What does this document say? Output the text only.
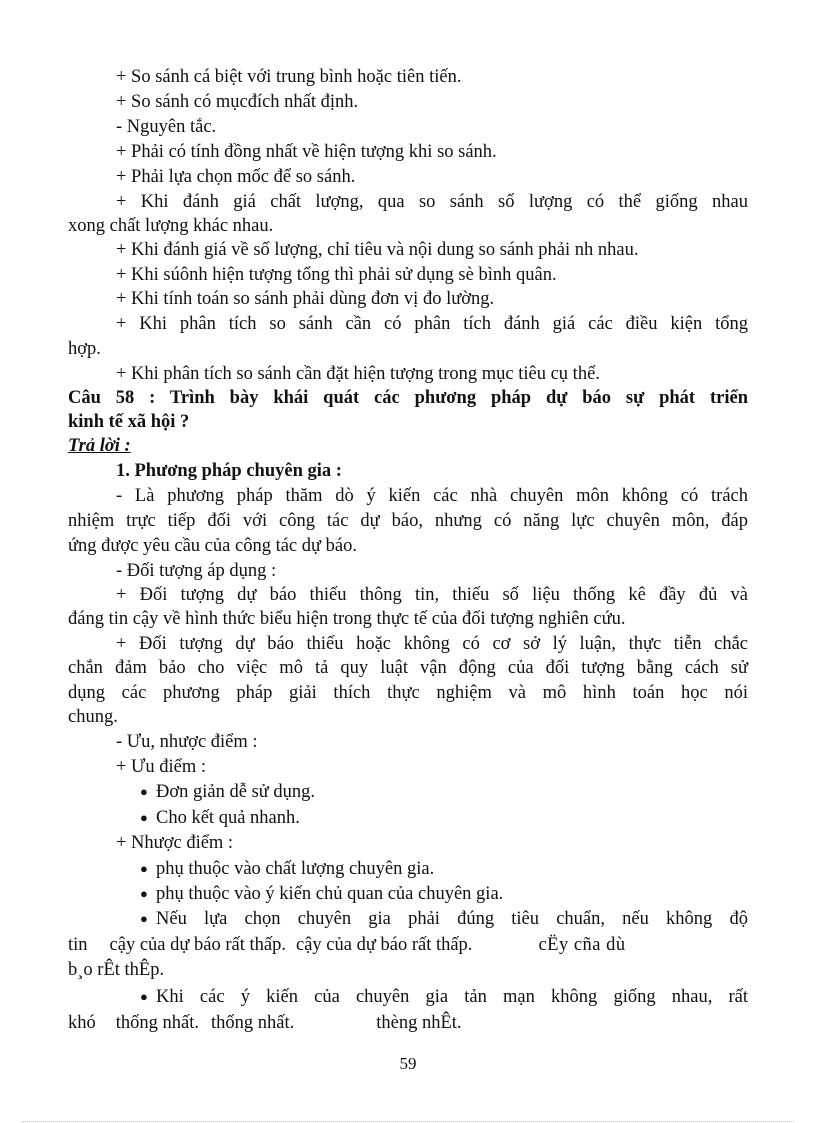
+ So sánh cá biệt với trung bình hoặc tiên tiến.
+ So sánh có mụcđích nhất định.
- Nguyên tắc.
+ Phải có tính đồng nhất về hiện tượng khi so sánh.
+ Phải lựa chọn mốc để so sánh.
+ Khi đánh giá chất lượng, qua so sánh số lượng có thể giống nhau
xong chất lượng khác nhau.
+ Khi đánh giá về số lượng, chỉ tiêu và nội dung so sánh phải nh nhau.
+ Khi súônh hiện tượng tổng thì phải sử dụng sè bình quân.
+ Khi tính toán so sánh phải dùng đơn vị đo lường.
+ Khi phân tích so sánh cần có phân tích đánh giá các điều kiện tổng
hợp.
+ Khi phân tích so sánh cần đặt hiện tượng trong mục tiêu cụ thể.
Câu 58 : Trình bày khái quát các phương pháp dự báo sự phát triển
kinh tế xã hội ?
Trả lời :
1. Phương pháp chuyên gia :
- Là phương pháp thăm dò ý kiến các nhà chuyên môn không có trách
nhiệm trực tiếp đối với công tác dự báo, nhưng có năng lực chuyên môn, đáp
ứng được yêu cầu của công tác dự báo.
- Đối tượng áp dụng :
+ Đối tượng dự báo thiếu thông tin, thiếu số liệu thống kê đầy đủ và
đáng tin cậy về hình thức biểu hiện trong thực tế của đối tượng nghiên cứu.
+ Đối tượng dự báo thiếu hoặc không có cơ sở lý luận, thực tiễn chắc
chắn đảm bảo cho việc mô tả quy luật vận động của đối tượng bằng cách sử
dụng các phương pháp giải thích thực nghiệm và mô hình toán học nói
chung.
- Ưu, nhược điểm :
+ Ưu điểm :
● Đơn giản dễ sử dụng.
● Cho kết quả nhanh.
+ Nhược điểm :
● phụ thuộc vào chất lượng chuyên gia.
● phụ thuộc vào ý kiến chủ quan của chuyên gia.
● Nếu lựa chọn chuyên gia phải đúng tiêu chuẩn, nếu không độ
tin cậy của dự báo rất thấp. cậy của dự báo rất thấp.	cËy cña dù
b¸o rÊt thÊp.
● Khi các ý kiến của chuyên gia tản mạn không giống nhau, rất
khó thống nhất. thống nhất.	thèng nhÊt.
59
